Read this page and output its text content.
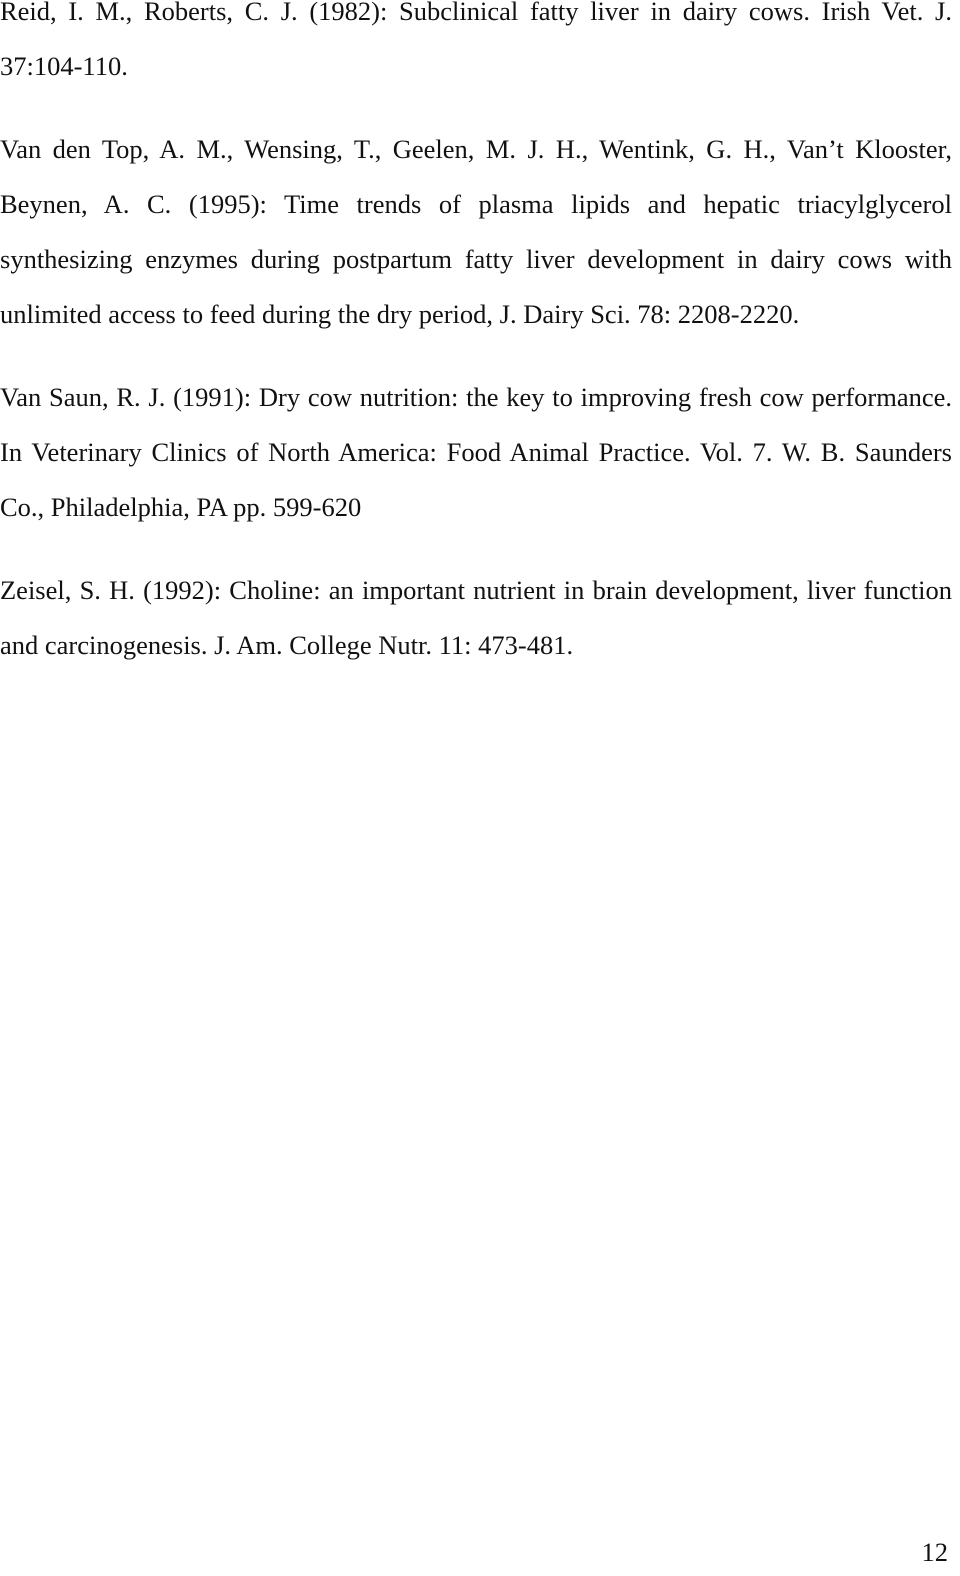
Reid, I. M., Roberts, C. J. (1982): Subclinical fatty liver in dairy cows. Irish Vet. J. 37:104-110.

Van den Top, A. M., Wensing, T., Geelen, M. J. H., Wentink, G. H., Van’t Klooster, Beynen, A. C. (1995): Time trends of plasma lipids and hepatic triacylglycerol synthesizing enzymes during postpartum fatty liver development in dairy cows with unlimited access to feed during the dry period, J. Dairy Sci. 78: 2208-2220.

Van Saun, R. J. (1991): Dry cow nutrition: the key to improving fresh cow performance. In Veterinary Clinics of North America: Food Animal Practice. Vol. 7. W. B. Saunders Co., Philadelphia, PA pp. 599-620

Zeisel, S. H. (1992): Choline: an important nutrient in brain development, liver function and carcinogenesis. J. Am. College Nutr. 11: 473-481.

12
